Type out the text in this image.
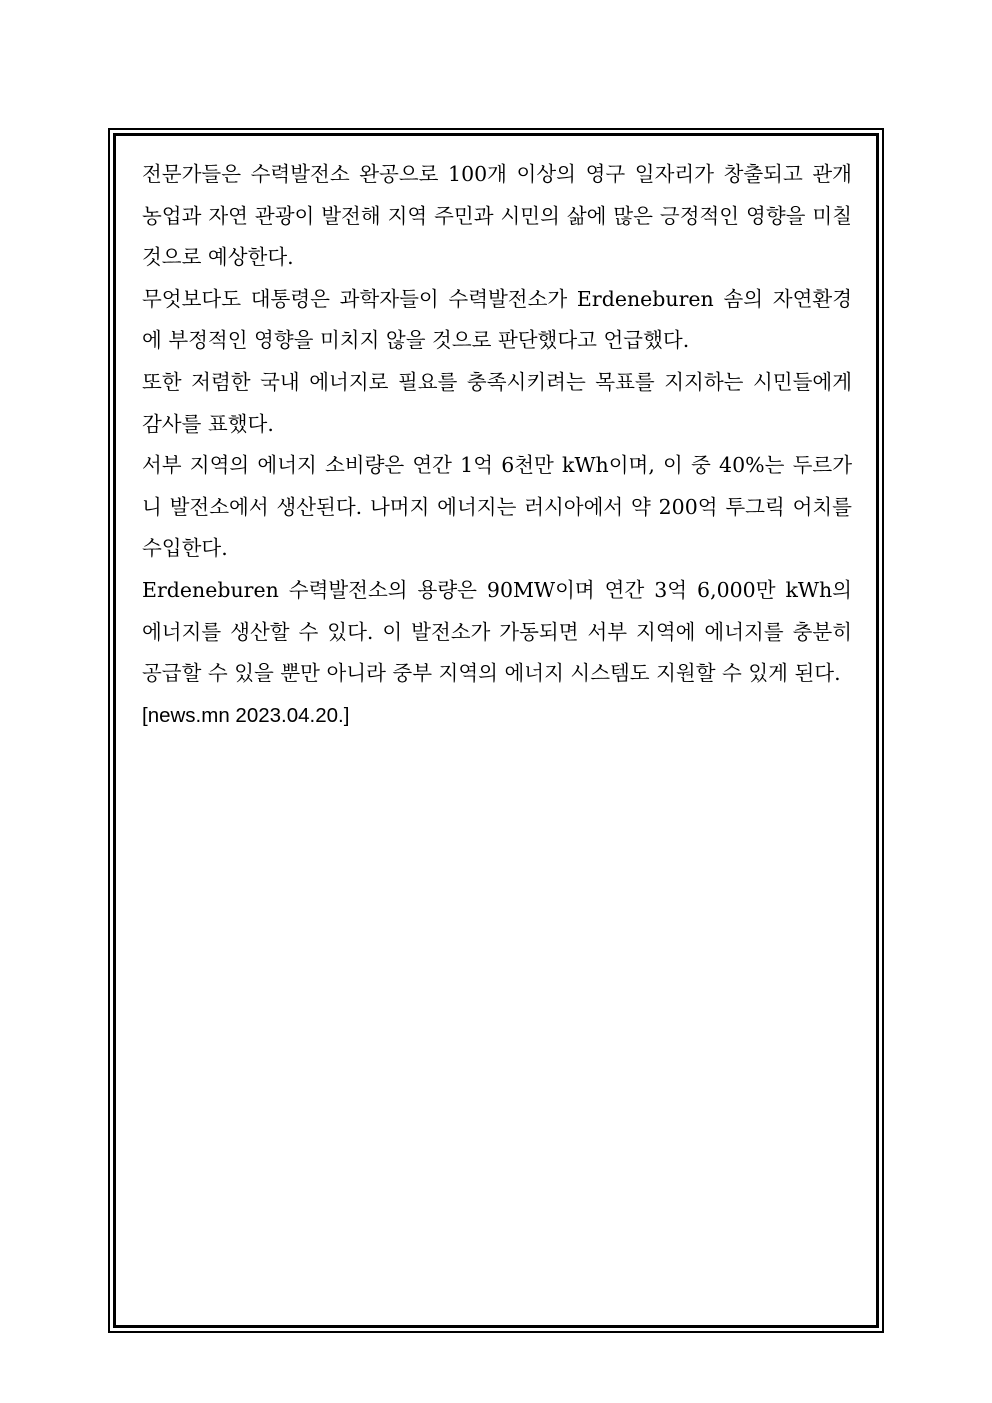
전문가들은 수력발전소 완공으로 100개 이상의 영구 일자리가 창출되고 관개 농업과 자연 관광이 발전해 지역 주민과 시민의 삶에 많은 긍정적인 영향을 미칠 것으로 예상한다.

무엇보다도 대통령은 과학자들이 수력발전소가 Erdeneburen 솜의 자연환경에 부정적인 영향을 미치지 않을 것으로 판단했다고 언급했다.

또한 저렴한 국내 에너지로 필요를 충족시키려는 목표를 지지하는 시민들에게 감사를 표했다.

서부 지역의 에너지 소비량은 연간 1억 6천만 kWh이며, 이 중 40%는 두르가니 발전소에서 생산된다. 나머지 에너지는 러시아에서 약 200억 투그릭 어치를 수입한다.

Erdeneburen 수력발전소의 용량은 90MW이며 연간 3억 6,000만 kWh의 에너지를 생산할 수 있다. 이 발전소가 가동되면 서부 지역에 에너지를 충분히 공급할 수 있을 뿐만 아니라 중부 지역의 에너지 시스템도 지원할 수 있게 된다.

[news.mn 2023.04.20.]
